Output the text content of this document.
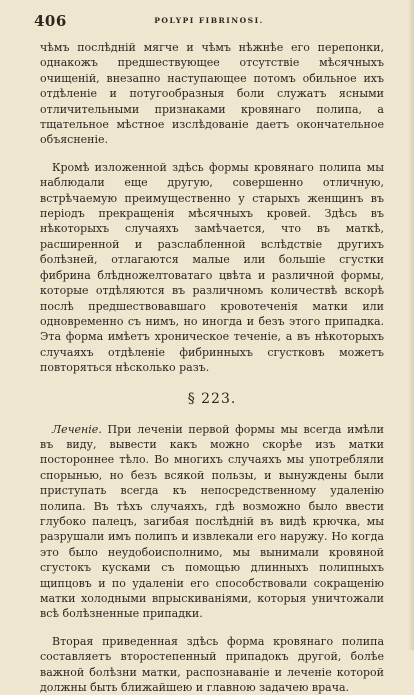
406	POLYPI FIBRINOSI.

чѣмъ послѣдній мягче и чѣмъ нѣжнѣе его перепонки, однакожъ предшествующее отсутствіе мѣсячныхъ очищеній, внезапно наступающее потомъ обильное ихъ отдѣленіе и потугообразныя боли служатъ ясными отличительными признаками кровянаго полипа, а тщательное мѣстное изслѣдованіе даетъ окончательное объясненіе.

Кромѣ изложенной здѣсь формы кровянаго полипа мы наблюдали еще другую, совершенно отличную, встрѣчаемую преимущественно у старыхъ женщинъ въ періодъ прекращенія мѣсячныхъ кровей. Здѣсь въ нѣкоторыхъ случаяхъ замѣчается, что въ маткѣ, расширенной и разслабленной вслѣдствіе другихъ болѣзней, отлагаются малые или большіе сгустки фибрина блѣдножелтоватаго цвѣта и различной формы, которые отдѣляются въ различномъ количествѣ вскорѣ послѣ предшествовавшаго кровотеченія матки или одновременно съ нимъ, но иногда и безъ этого припадка. Эта форма имѣетъ хроническое теченіе, а въ нѣкоторыхъ случаяхъ отдѣленіе фибринныхъ сгустковъ можетъ повторяться нѣсколько разъ.

§ 223.

Леченіе. При леченіи первой формы мы всегда имѣли въ виду, вывести какъ можно скорѣе изъ матки постороннее тѣло. Во многихъ случаяхъ мы употребляли спорынью, но безъ всякой пользы, и вынуждены были приступать всегда къ непосредственному удаленію полипа. Въ тѣхъ случаяхъ, гдѣ возможно было ввести глубоко палецъ, загибая послѣдній въ видѣ крючка, мы разрушали имъ полипъ и извлекали его наружу. Но когда это было неудобоисполнимо, мы вынимали кровяной сгустокъ кусками съ помощью длинныхъ полипныхъ щипцовъ и по удаленіи его способствовали сокращенію матки холодными впрыскиваніями, которыя уничтожали всѣ болѣзненные припадки.

Вторая приведенная здѣсь форма кровянаго полипа составляетъ второстепенный припадокъ другой, болѣе важной болѣзни матки, распознаваніе и леченіе которой должны быть ближайшею и главною задачею врача.
